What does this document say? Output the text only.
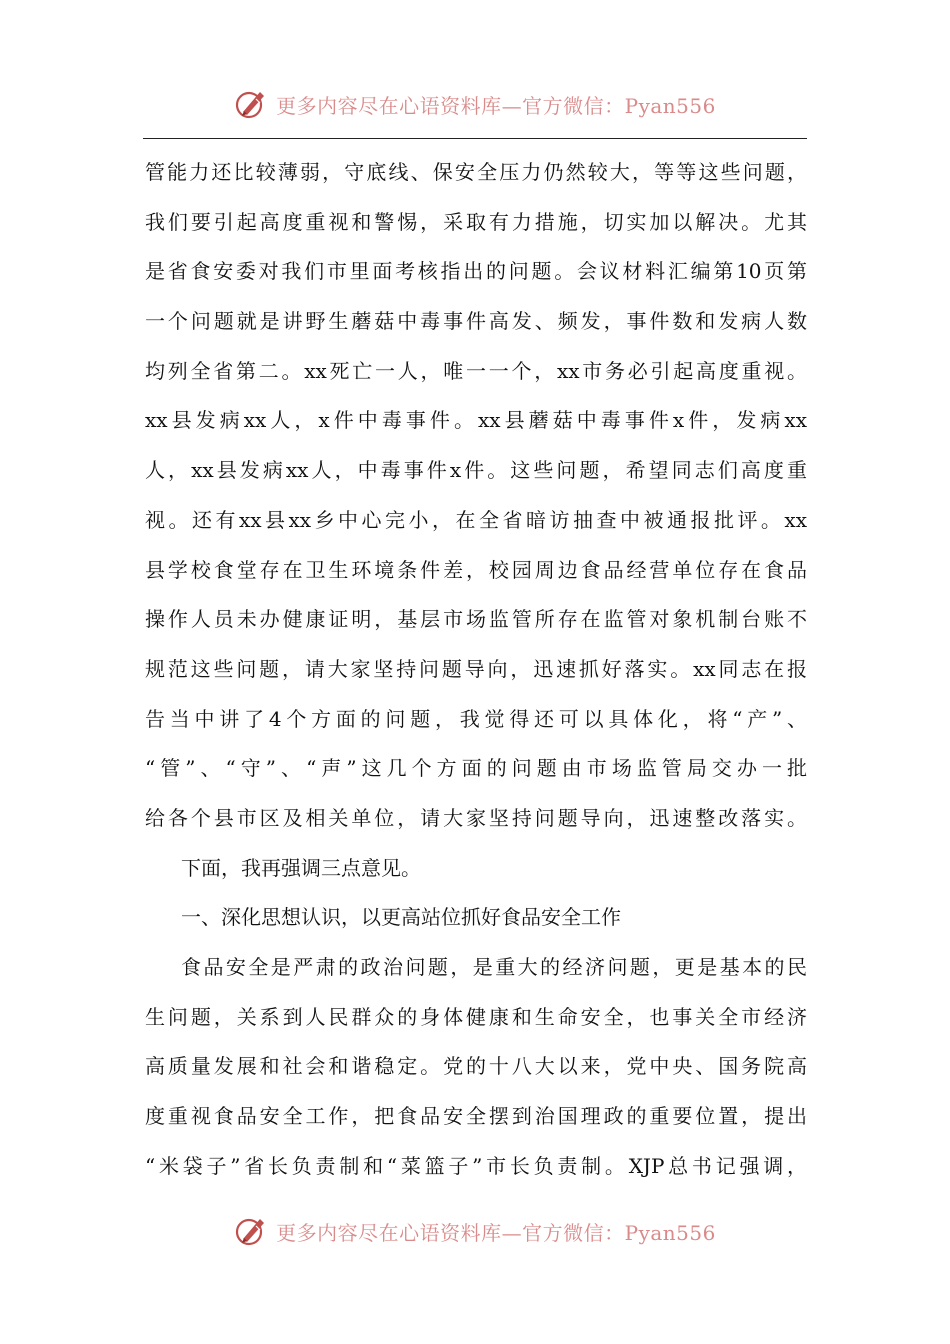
更多内容尽在心语资料库—官方微信：Pyan556
管能力还比较薄弱，守底线、保安全压力仍然较大，等等这些问题，
我们要引起高度重视和警惕，采取有力措施，切实加以解决。尤其
是省食安委对我们市里面考核指出的问题。会议材料汇编第10页第
一个问题就是讲野生蘑菇中毒事件高发、频发，事件数和发病人数
均列全省第二。xx死亡一人，唯一一个，xx市务必引起高度重视。
xx县发病xx人，x件中毒事件。xx县蘑菇中毒事件x件，发病xx
人，xx县发病xx人，中毒事件x件。这些问题，希望同志们高度重
视。还有xx县xx乡中心完小，在全省暗访抽查中被通报批评。xx
县学校食堂存在卫生环境条件差，校园周边食品经营单位存在食品
操作人员未办健康证明，基层市场监管所存在监管对象机制台账不
规范这些问题，请大家坚持问题导向，迅速抓好落实。xx同志在报
告当中讲了4个方面的问题，我觉得还可以具体化，将“产”、
“管”、“守”、“声”这几个方面的问题由市场监管局交办一批
给各个县市区及相关单位，请大家坚持问题导向，迅速整改落实。
下面，我再强调三点意见。
一、深化思想认识，以更高站位抓好食品安全工作
食品安全是严肃的政治问题，是重大的经济问题，更是基本的民
生问题，关系到人民群众的身体健康和生命安全，也事关全市经济
高质量发展和社会和谐稳定。党的十八大以来，党中央、国务院高
度重视食品安全工作，把食品安全摆到治国理政的重要位置，提出
“米袋子”省长负责制和“菜篮子”市长负责制。XJP总书记强调，
更多内容尽在心语资料库—官方微信：Pyan556
